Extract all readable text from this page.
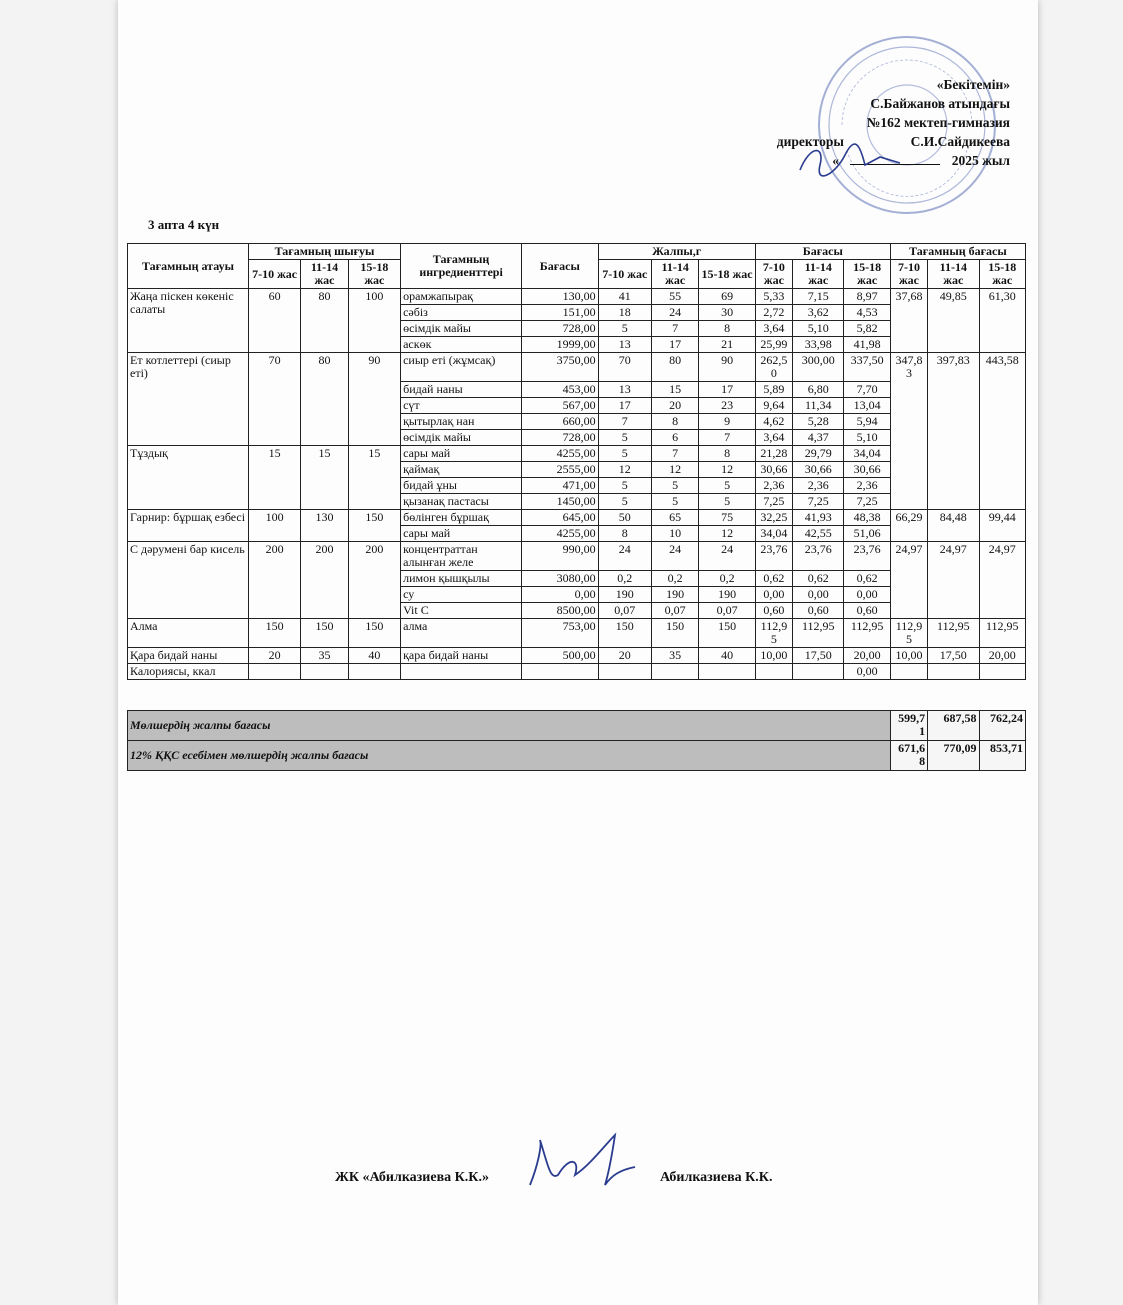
«Бекітемін»
С.Байжанов атындағы
№162 мектеп-гимназия
директоры	С.И.Сайдикеева
«	2025 жыл
3 апта 4 күн
Тағамның атауы	Тағамның шығуы			Тағамның ингредиенттері	Бағасы	Жалпы,г			Бағасы			Тағамның бағасы		
	7-10 жас	11-14 жас	15-18 жас			7-10 жас	11-14 жас	15-18 жас	7-10 жас	11-14 жас	15-18 жас	7-10 жас	11-14 жас	15-18 жас
Жаңа піскен көкеніс салаты	60	80	100	орамжапырақ	130,00	41	55	69	5,33	7,15	8,97	37,68	49,85	61,30
				сәбіз	151,00	18	24	30	2,72	3,62	4,53			
				өсімдік майы	728,00	5	7	8	3,64	5,10	5,82			
				аскөк	1999,00	13	17	21	25,99	33,98	41,98			
Ет котлеттері (сиыр еті)	70	80	90	сиыр еті (жұмсақ)	3750,00	70	80	90	262,50	300,00	337,50	347,83	397,83	443,58
				бидай наны	453,00	13	15	17	5,89	6,80	7,70			
				сүт	567,00	17	20	23	9,64	11,34	13,04			
				қытырлақ нан	660,00	7	8	9	4,62	5,28	5,94			
				өсімдік майы	728,00	5	6	7	3,64	4,37	5,10			
Тұздық	15	15	15	сары май	4255,00	5	7	8	21,28	29,79	34,04			
				қаймақ	2555,00	12	12	12	30,66	30,66	30,66			
				бидай ұны	471,00	5	5	5	2,36	2,36	2,36			
				қызанақ пастасы	1450,00	5	5	5	7,25	7,25	7,25			
Гарнир: бұршақ езбесі	100	130	150	бөлінген бұршақ	645,00	50	65	75	32,25	41,93	48,38	66,29	84,48	99,44
				сары май	4255,00	8	10	12	34,04	42,55	51,06			
С дәрумені бар кисель	200	200	200	концентраттан алынған желе	990,00	24	24	24	23,76	23,76	23,76	24,97	24,97	24,97
				лимон қышқылы	3080,00	0,2	0,2	0,2	0,62	0,62	0,62			
				су	0,00	190	190	190	0,00	0,00	0,00			
				Vit C	8500,00	0,07	0,07	0,07	0,60	0,60	0,60			
Алма	150	150	150	алма	753,00	150	150	150	112,95	112,95	112,95	112,95	112,95	112,95
Қара бидай наны	20	35	40	қара бидай наны	500,00	20	35	40	10,00	17,50	20,00	10,00	17,50	20,00
Калориясы, ккал											0,00			

Мөлшердің жалпы бағасы												599,71	687,58	762,24
12% ҚҚС есебімен мөлшердің жалпы бағасы												671,68	770,09	853,71
ЖК «Абилказиева К.К.»	Абилказиева К.К.
